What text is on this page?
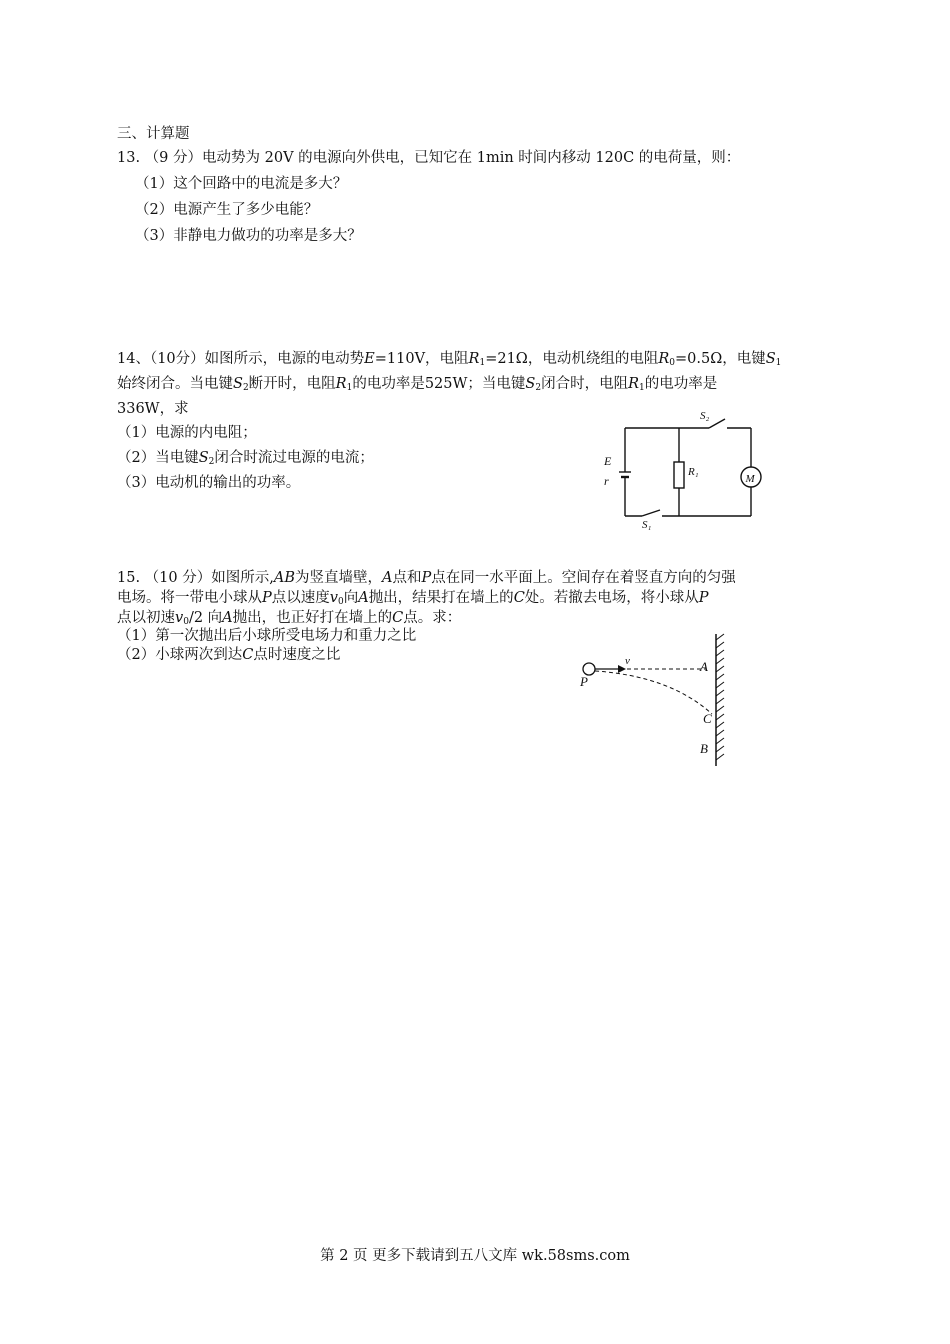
三、计算题
13. （9 分）电动势为 20V 的电源向外供电，已知它在 1min 时间内移动 120C 的电荷量，则：
（1）这个回路中的电流是多大？
（2）电源产生了多少电能？
（3）非静电力做功的功率是多大？
14、（10分）如图所示，电源的电动势E=110V，电阻$R_1=21\Omega$，电动机绕组的电阻$R_0=0.5\Omega$，电键$S_1$
始终闭合。当电键$S_2$断开时，电阻$R_1$的电功率是525W；当电键$S_2$闭合时，电阻$R_1$的电功率是
336W，求
（1）电源的内电阻；
（2）当电键$S_2$闭合时流过电源的电流；
（3）电动机的输出的功率。
S₂
E
r
R₁
M
S₁
15. （10 分）如图所示,AB为竖直墙壁，A点和P点在同一水平面上。空间存在着竖直方向的匀强
电场。将一带电小球从P点以速度$v_0$向A抛出，结果打在墙上的C处。若撤去电场，将小球从P
点以初速$v_0/2$ 向A抛出，也正好打在墙上的C点。求：
（1）第一次抛出后小球所受电场力和重力之比
（2）小球两次到达C点时速度之比	v	A
P
C
B
第 2 页 更多下载请到五八文库 wk.58sms.com
